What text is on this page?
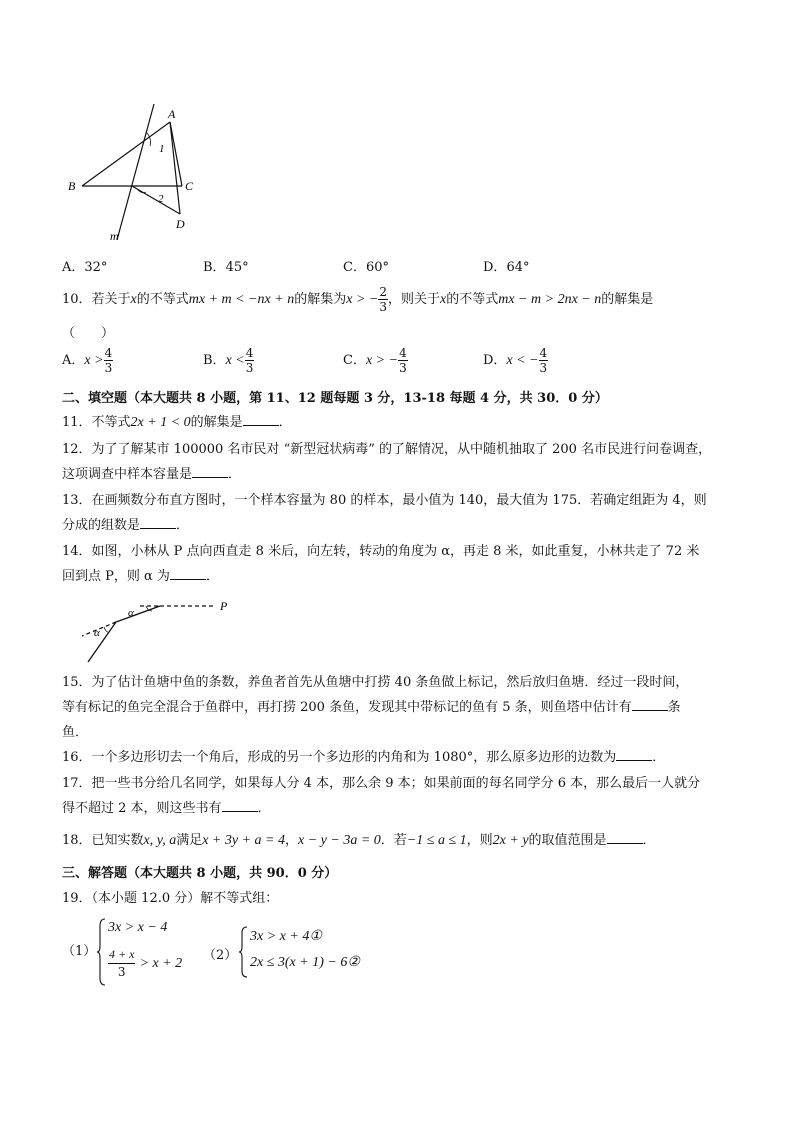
A
B	C
D
m
1
2
A．32°	B．45°	C．60°	D．64°
10．若关于x的不等式mx + m < −nx + n的解集为x > − $\frac{2}{3}$ ，则关于x的不等式mx − m > 2nx − n的解集是
（　　）
A．$x > \frac{4}{3}$	B．$x < \frac{4}{3}$	C．x > − $\frac{4}{3}$	D．x < − $\frac{4}{3}$
二、填空题（本大题共 8 小题，第 11、12 题每题 3 分，13-18 每题 4 分，共 30．0 分）
11．不等式2x + 1 < 0的解集是	．
12．为了了解某市 100000 名市民对 “新型冠状病毒” 的了解情况，从中随机抽取了 200 名市民进行问卷调查，
这项调查中样本容量是	．
13．在画频数分布直方图时，一个样本容量为 80 的样本，最小值为 140，最大值为 175．若确定组距为 4，则
分成的组数是	．
14．如图，小林从 P 点向西直走 8 米后，向左转，转动的角度为 α，再走 8 米，如此重复，小林共走了 72 米
回到点 P，则 α 为	．
P
α
α
15．为了估计鱼塘中鱼的条数，养鱼者首先从鱼塘中打捞 40 条鱼做上标记，然后放归鱼塘．经过一段时间，
等有标记的鱼完全混合于鱼群中，再打捞 200 条鱼，发现其中带标记的鱼有 5 条，则鱼塔中估计有	条
鱼．
16．一个多边形切去一个角后，形成的另一个多边形的内角和为 1080°，那么原多边形的边数为	．
17．把一些书分给几名同学，如果每人分 4 本，那么余 9 本；如果前面的每名同学分 6 本，那么最后一人就分
得不超过 2 本，则这些书有	．
18．已知实数x, y, a满足x + 3y + a = 4，x − y − 3a = 0．若−1 ≤ a ≤ 1，则2x + y的取值范围是	．
三、解答题（本大题共 8 小题，共 90．0 分）
19．（本小题 12.0 分）解不等式组：
（1）
3x > x − 4
$\frac{4 + x}{3} > x + 2$
（2）
3x > x + 4①
2x ≤ 3(x + 1) − 6②
